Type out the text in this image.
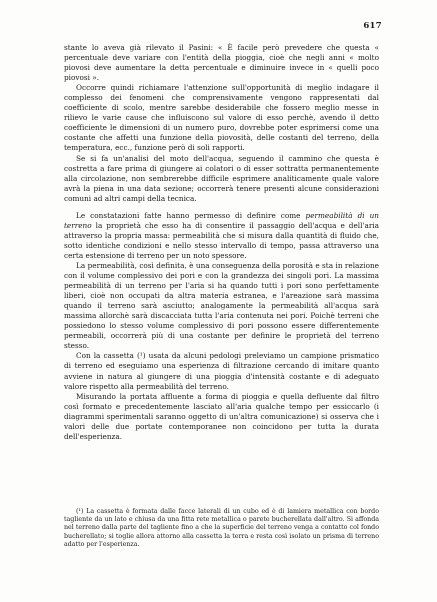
617

stante lo aveva già rilevato il Pasini: « È facile però prevedere che questa « percentuale deve variare con l'entità della pioggia, cioè che negli anni « molto piovosi deve aumentare la detta percentuale e diminuire invece in « quelli poco piovosi ».

Occorre quindi richiamare l'attenzione sull'opportunità di meglio indagare il complesso dei fenomeni che comprensivamente vengono rappresentati dal coefficiente di scolo, mentre sarebbe desiderabile che fossero meglio messe in rilievo le varie cause che influiscono sul valore di esso perchè, avendo il detto coefficiente le dimensioni di un numero puro, dovrebbe poter esprimersi come una costante che affetti una funzione della piovosità, delle costanti del terreno, della temperatura, ecc., funzione però di soli rapporti.

Se si fa un'analisi del moto dell'acqua, seguendo il cammino che questa è costretta a fare prima di giungere ai colatori o di esser sottratta permanentemente alla circolazione, non sembrerebbe difficile esprimere analiticamente quale valore avrà la piena in una data sezione; occorrerà tenere presenti alcune considerazioni comuni ad altri campi della tecnica.

Le constatazioni fatte hanno permesso di definire come permeabilità di un terreno la proprietà che esso ha di consentire il passaggio dell'acqua e dell'aria attraverso la propria massa: permeabilità che si misura dalla quantità di fluido che, sotto identiche condizioni e nello stesso intervallo di tempo, passa attraverso una certa estensione di terreno per un noto spessore.

La permeabilità, così definita, è una conseguenza della porosità e sta in relazione con il volume complessivo dei pori e con la grandezza dei singoli pori. La massima permeabilità di un terreno per l'aria si ha quando tutti i pori sono perfettamente liberi, cioè non occupati da altra materia estranea, e l'areazione sarà massima quando il terreno sarà asciutto; analogamente la permeabilità all'acqua sarà massima allorchè sarà discacciata tutta l'aria contenuta nei pori. Poichè terreni che possiedono lo stesso volume complessivo di pori possono essere differentemente permeabili, occorrerà più di una costante per definire le proprietà del terreno stesso.

Con la cassetta (¹) usata da alcuni pedologi preleviamo un campione prismatico di terreno ed eseguiamo una esperienza di filtrazione cercando di imitare quanto avviene in natura al giungere di una pioggia d'intensità costante e di adeguato valore rispetto alla permeabilità del terreno.

Misurando la portata affluente a forma di pioggia e quella defluente dal filtro così formato e precedentemente lasciato all'aria qualche tempo per essiccarlo (i diagrammi sperimentali saranno oggetto di un'altra comunicazione) si osserva che i valori delle due portate contemporanee non coincidono per tutta la durata dell'esperienza.

(¹) La cassetta è formata dalle facce laterali di un cubo ed è di lamiera metallica con bordo tagliente da un lato e chiusa da una fitta rete metallica o parete bucherellata dall'altro. Si affonda nel terreno dalla parte del tagliente fino a che la superficie del terreno venga a contatto col fondo bucherellato; si toglie allora attorno alla cassetta la terra e resta così isolato un prisma di terreno adatto per l'esperienza.
